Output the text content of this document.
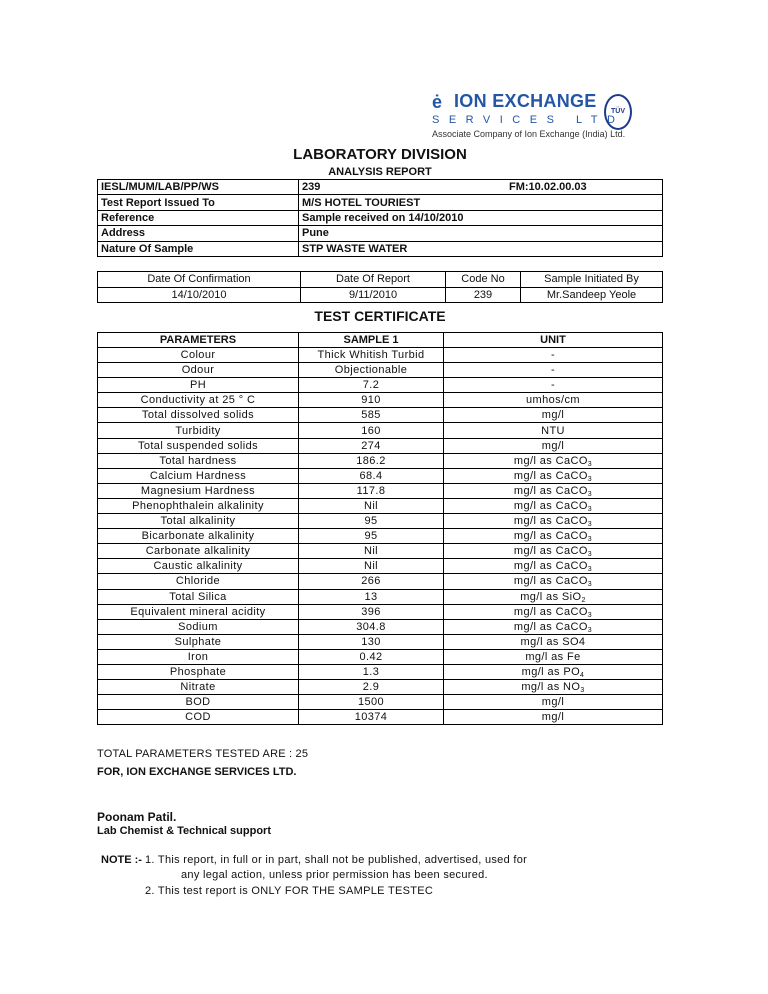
ė ION EXCHANGE
SERVICES LTD
Associate Company of Ion Exchange (India) Ltd.
TÜV
LABORATORY DIVISION
ANALYSIS REPORT
IESL/MUM/LAB/PP/WS	239 FM:10.02.00.03

Test Report Issued To	M/S HOTEL TOURIEST
Reference	Sample received on 14/10/2010
Address	Pune
Nature Of Sample	STP WASTE WATER
Date Of Confirmation	Date Of Report	Code No	Sample Initiated By
14/10/2010	9/11/2010	239	Mr.Sandeep Yeole
TEST CERTIFICATE
PARAMETERS	SAMPLE 1	UNIT
Colour	Thick Whitish Turbid	-
Odour	Objectionable	-
PH	7.2	-
Conductivity at 25 ° C	910	umhos/cm
Total dissolved solids	585	mg/l
Turbidity	160	NTU
Total suspended solids	274	mg/l
Total hardness	186.2	mg/l as CaCO$_3$
Calcium Hardness	68.4	mg/l as CaCO$_3$
Magnesium Hardness	117.8	mg/l as CaCO$_3$
Phenophthalein alkalinity	Nil	mg/l as CaCO$_3$
Total alkalinity	95	mg/l as CaCO$_3$
Bicarbonate alkalinity	95	mg/l as CaCO$_3$
Carbonate alkalinity	Nil	mg/l as CaCO$_3$
Caustic alkalinity	Nil	mg/l as CaCO$_3$
Chloride	266	mg/l as CaCO$_3$
Total Silica	13	mg/l as SiO$_2$
Equivalent mineral acidity	396	mg/l as CaCO$_3$
Sodium	304.8	mg/l as CaCO$_3$
Sulphate	130	mg/l as SO4
Iron	0.42	mg/l as Fe
Phosphate	1.3	mg/l as $PO_4$
Nitrate	2.9	mg/l as $NO_3$
BOD	1500	mg/l
COD	10374	mg/l
TOTAL PARAMETERS TESTED ARE : 25
FOR, ION EXCHANGE SERVICES LTD.
Poonam Patil.
Lab Chemist & Technical support
NOTE :- 1. This report, in full or in part, shall not be published, advertised, used for
any legal action, unless prior permission has been secured.
2. This test report is ONLY FOR THE SAMPLE TESTEC
